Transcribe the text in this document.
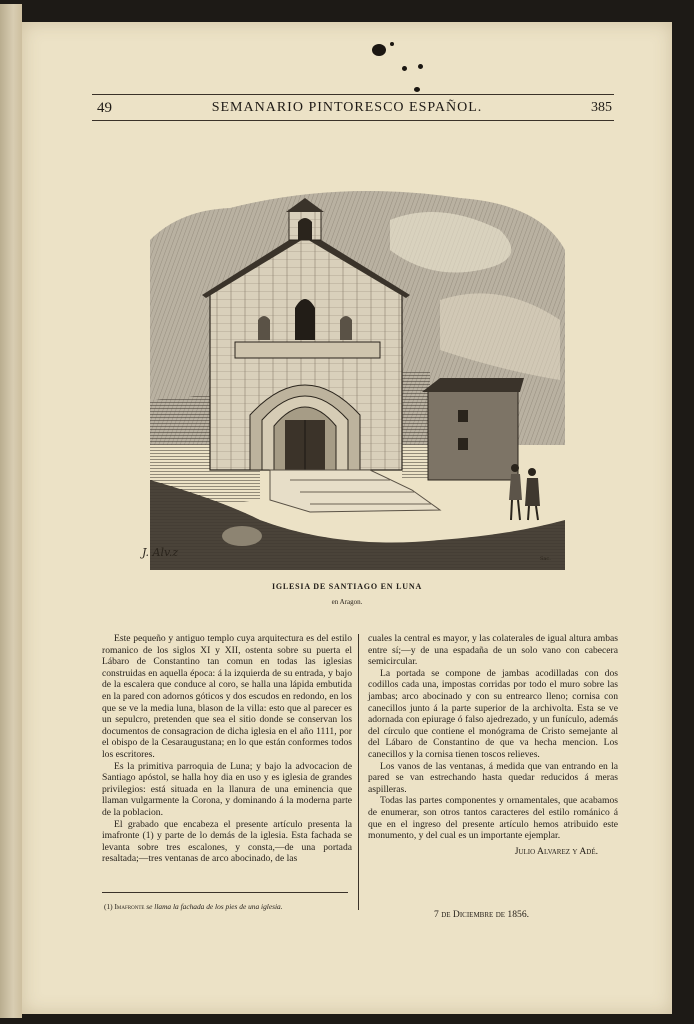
49	SEMANARIO PINTORESCO ESPAÑOL.	385
J. Alv.z	Sac.
IGLESIA DE SANTIAGO EN LUNA
en Aragon.

Este pequeño y antiguo templo cuya arquitectura es del estilo romanico de los siglos XI y XII, ostenta sobre su puerta el Lábaro de Constantino tan comun en todas las iglesias construidas en aquella época: á la izquierda de su entrada, y bajo de la escalera que conduce al coro, se halla una lápida embutida en la pared con adornos góticos y dos escudos en redondo, en los que se ve la media luna, blason de la villa: esto que al parecer es un sepulcro, pretenden que sea el sitio donde se conservan los documentos de consagracion de dicha iglesia en el año 1111, por el obispo de la Cesaraugustana; en lo que están conformes todos los escritores.

Es la primitiva parroquia de Luna; y bajo la advocacion de Santiago apóstol, se halla hoy dia en uso y es iglesia de grandes privilegios: está situada en la llanura de una eminencia que llaman vulgarmente la Corona, y dominando á la moderna parte de la poblacion.

El grabado que encabeza el presente artículo presenta la imafronte (1) y parte de lo demás de la iglesia. Esta fachada se levanta sobre tres escalones, y consta,—de una portada resaltada;—tres ventanas de arco abocinado, de las

cuales la central es mayor, y las colaterales de igual altura ambas entre sí;—y de una espadaña de un solo vano con cabecera semicircular.

La portada se compone de jambas acodilladas con dos codillos cada una, impostas corridas por todo el muro sobre las jambas; arco abocinado y con su entrearco lleno; cornisa con canecillos junto á la parte superior de la archivolta. Esta se ve adornada con epiurage ó falso ajedrezado, y un funículo, además del círculo que contiene el monógrama de Cristo semejante al del Lábaro de Constantino de que va hecha mencion. Los canecillos y la cornisa tienen toscos relieves.

Los vanos de las ventanas, á medida que van entrando en la pared se van estrechando hasta quedar reducidos á meras aspilleras.

Todas las partes componentes y ornamentales, que acabamos de enumerar, son otros tantos caracteres del estilo románico á que en el ingreso del presente artículo hemos atribuido este monumento, y del cual es un importante ejemplar.

Julio Alvarez y Adé.
(1) Imafronte se llama la fachada de los pies de una iglesia.
7 de Diciembre de 1856.
